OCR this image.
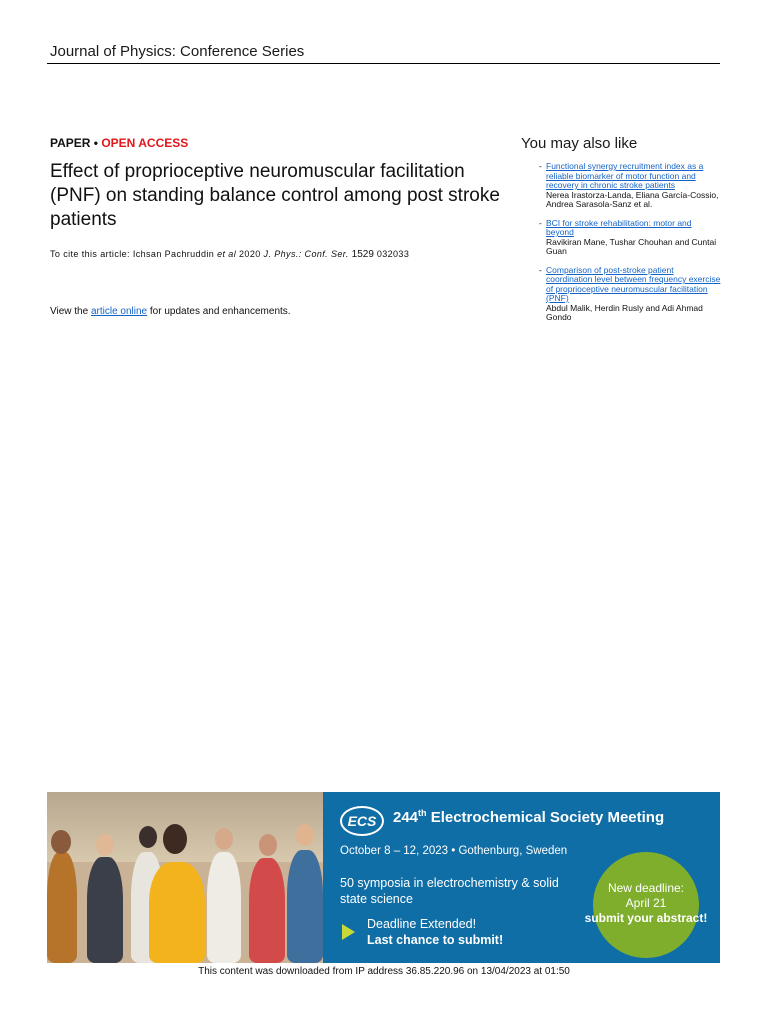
Journal of Physics: Conference Series
PAPER • OPEN ACCESS
Effect of proprioceptive neuromuscular facilitation (PNF) on standing balance control among post stroke patients
To cite this article: Ichsan Pachruddin et al 2020 J. Phys.: Conf. Ser. 1529 032033
View the article online for updates and enhancements.
You may also like
- Functional synergy recruitment index as a reliable biomarker of motor function and recovery in chronic stroke patients
Nerea Irastorza-Landa, Eliana García-Cossio, Andrea Sarasola-Sanz et al.
- BCI for stroke rehabilitation: motor and beyond
Ravikiran Mane, Tushar Chouhan and Cuntai Guan
- Comparison of post-stroke patient coordination level between frequency exercise of proprioceptive neuromuscular facilitation (PNF)
Abdul Malik, Herdin Rusly and Adi Ahmad Gondo
ECS	244th Electrochemical Society Meeting
October 8 – 12, 2023 • Gothenburg, Sweden
50 symposia in electrochemistry & solid state science
Deadline Extended!
Last chance to submit!
New deadline:
April 21
submit your abstract!
This content was downloaded from IP address 36.85.220.96 on 13/04/2023 at 01:50
